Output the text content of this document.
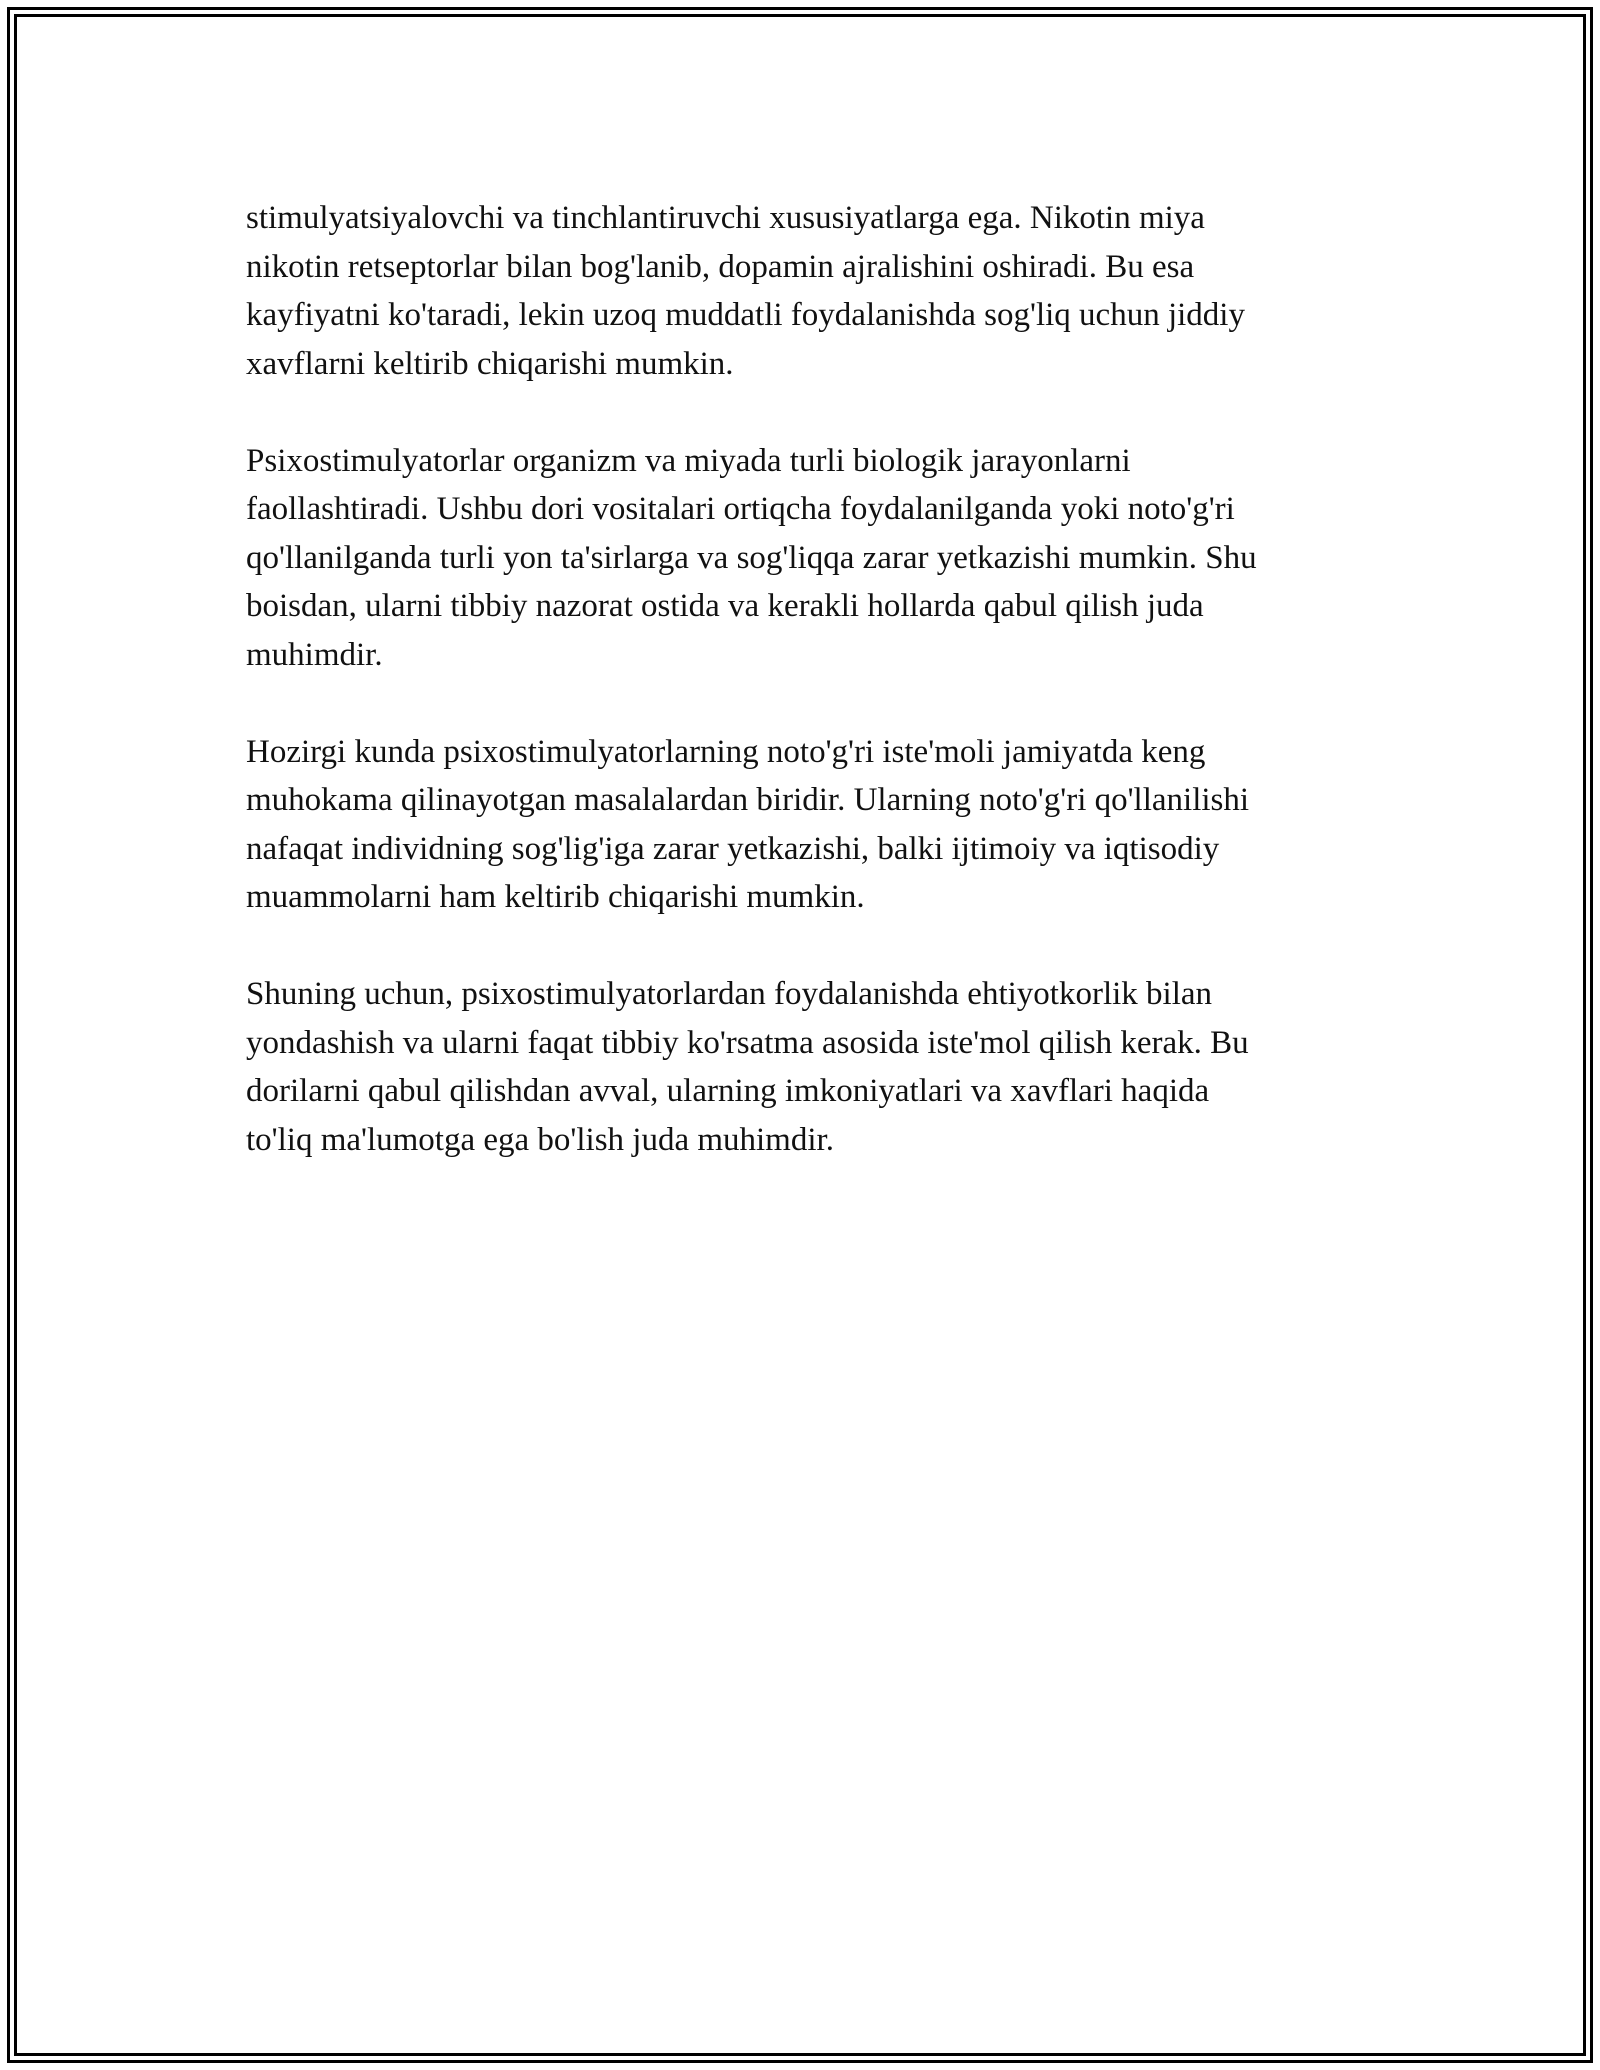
stimulyatsiyalovchi va tinchlantiruvchi xususiyatlarga ega. Nikotin miya
nikotin retseptorlar bilan bog'lanib, dopamin ajralishini oshiradi. Bu esa
kayfiyatni ko'taradi, lekin uzoq muddatli foydalanishda sog'liq uchun jiddiy
xavflarni keltirib chiqarishi mumkin.

Psixostimulyatorlar organizm va miyada turli biologik jarayonlarni
faollashtiradi. Ushbu dori vositalari ortiqcha foydalanilganda yoki noto'g'ri
qo'llanilganda turli yon ta'sirlarga va sog'liqqa zarar yetkazishi mumkin. Shu
boisdan, ularni tibbiy nazorat ostida va kerakli hollarda qabul qilish juda
muhimdir.

Hozirgi kunda psixostimulyatorlarning noto'g'ri iste'moli jamiyatda keng
muhokama qilinayotgan masalalardan biridir. Ularning noto'g'ri qo'llanilishi
nafaqat individning sog'lig'iga zarar yetkazishi, balki ijtimoiy va iqtisodiy
muammolarni ham keltirib chiqarishi mumkin.

Shuning uchun, psixostimulyatorlardan foydalanishda ehtiyotkorlik bilan
yondashish va ularni faqat tibbiy ko'rsatma asosida iste'mol qilish kerak. Bu
dorilarni qabul qilishdan avval, ularning imkoniyatlari va xavflari haqida
to'liq ma'lumotga ega bo'lish juda muhimdir.
